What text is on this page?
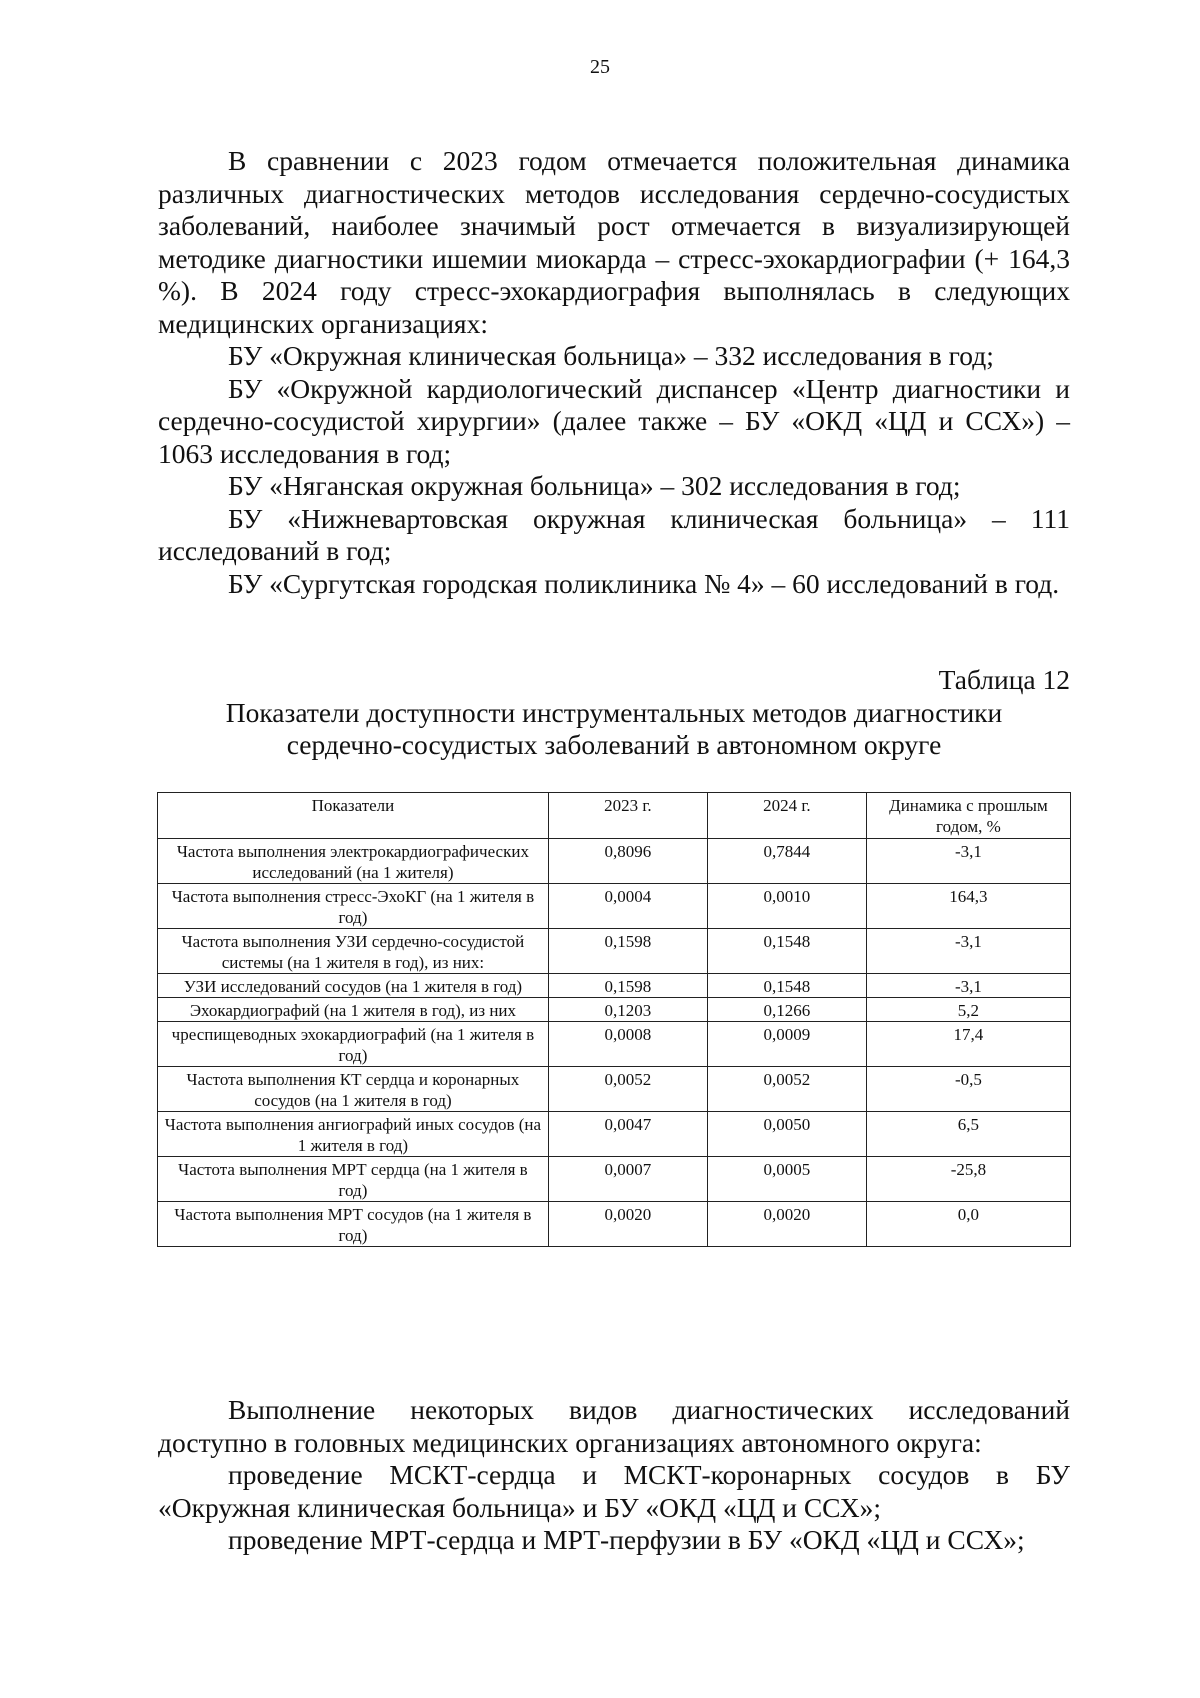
25

В сравнении с 2023 годом отмечается положительная динамика различных диагностических методов исследования сердечно-сосудистых заболеваний, наиболее значимый рост отмечается в визуализирующей методике диагностики ишемии миокарда – стресс-эхокардиографии (+ 164,3 %). В 2024 году стресс-эхокардиография выполнялась в следующих медицинских организациях:

БУ «Окружная клиническая больница» – 332 исследования в год;

БУ «Окружной кардиологический диспансер «Центр диагностики и сердечно-сосудистой хирургии» (далее также – БУ «ОКД «ЦД и ССХ») – 1063 исследования в год;

БУ «Няганская окружная больница» – 302 исследования в год;

БУ «Нижневартовская окружная клиническая больница» – 111 исследований в год;

БУ «Сургутская городская поликлиника № 4» – 60 исследований в год.

Таблица 12
Показатели доступности инструментальных методов диагностики сердечно-сосудистых заболеваний в автономном округе
Показатели	2023 г.	2024 г.	Динамика с прошлым годом, %
Частота выполнения электрокардиографических исследований (на 1 жителя)	0,8096	0,7844	-3,1
Частота выполнения стресс-ЭхоКГ (на 1 жителя в год)	0,0004	0,0010	164,3
Частота выполнения УЗИ сердечно-сосудистой системы (на 1 жителя в год), из них:	0,1598	0,1548	-3,1
УЗИ исследований сосудов (на 1 жителя в год)	0,1598	0,1548	-3,1
Эхокардиографий (на 1 жителя в год), из них	0,1203	0,1266	5,2
чреспищеводных эхокардиографий (на 1 жителя в год)	0,0008	0,0009	17,4
Частота выполнения КТ сердца и коронарных сосудов (на 1 жителя в год)	0,0052	0,0052	-0,5
Частота выполнения ангиографий иных сосудов (на 1 жителя в год)	0,0047	0,0050	6,5
Частота выполнения МРТ сердца (на 1 жителя в год)	0,0007	0,0005	-25,8
Частота выполнения МРТ сосудов (на 1 жителя в год)	0,0020	0,0020	0,0

Выполнение некоторых видов диагностических исследований доступно в головных медицинских организациях автономного округа:

проведение МСКТ-сердца и МСКТ-коронарных сосудов в БУ «Окружная клиническая больница» и БУ «ОКД «ЦД и ССХ»;

проведение МРТ-сердца и МРТ-перфузии в БУ «ОКД «ЦД и ССХ»;
